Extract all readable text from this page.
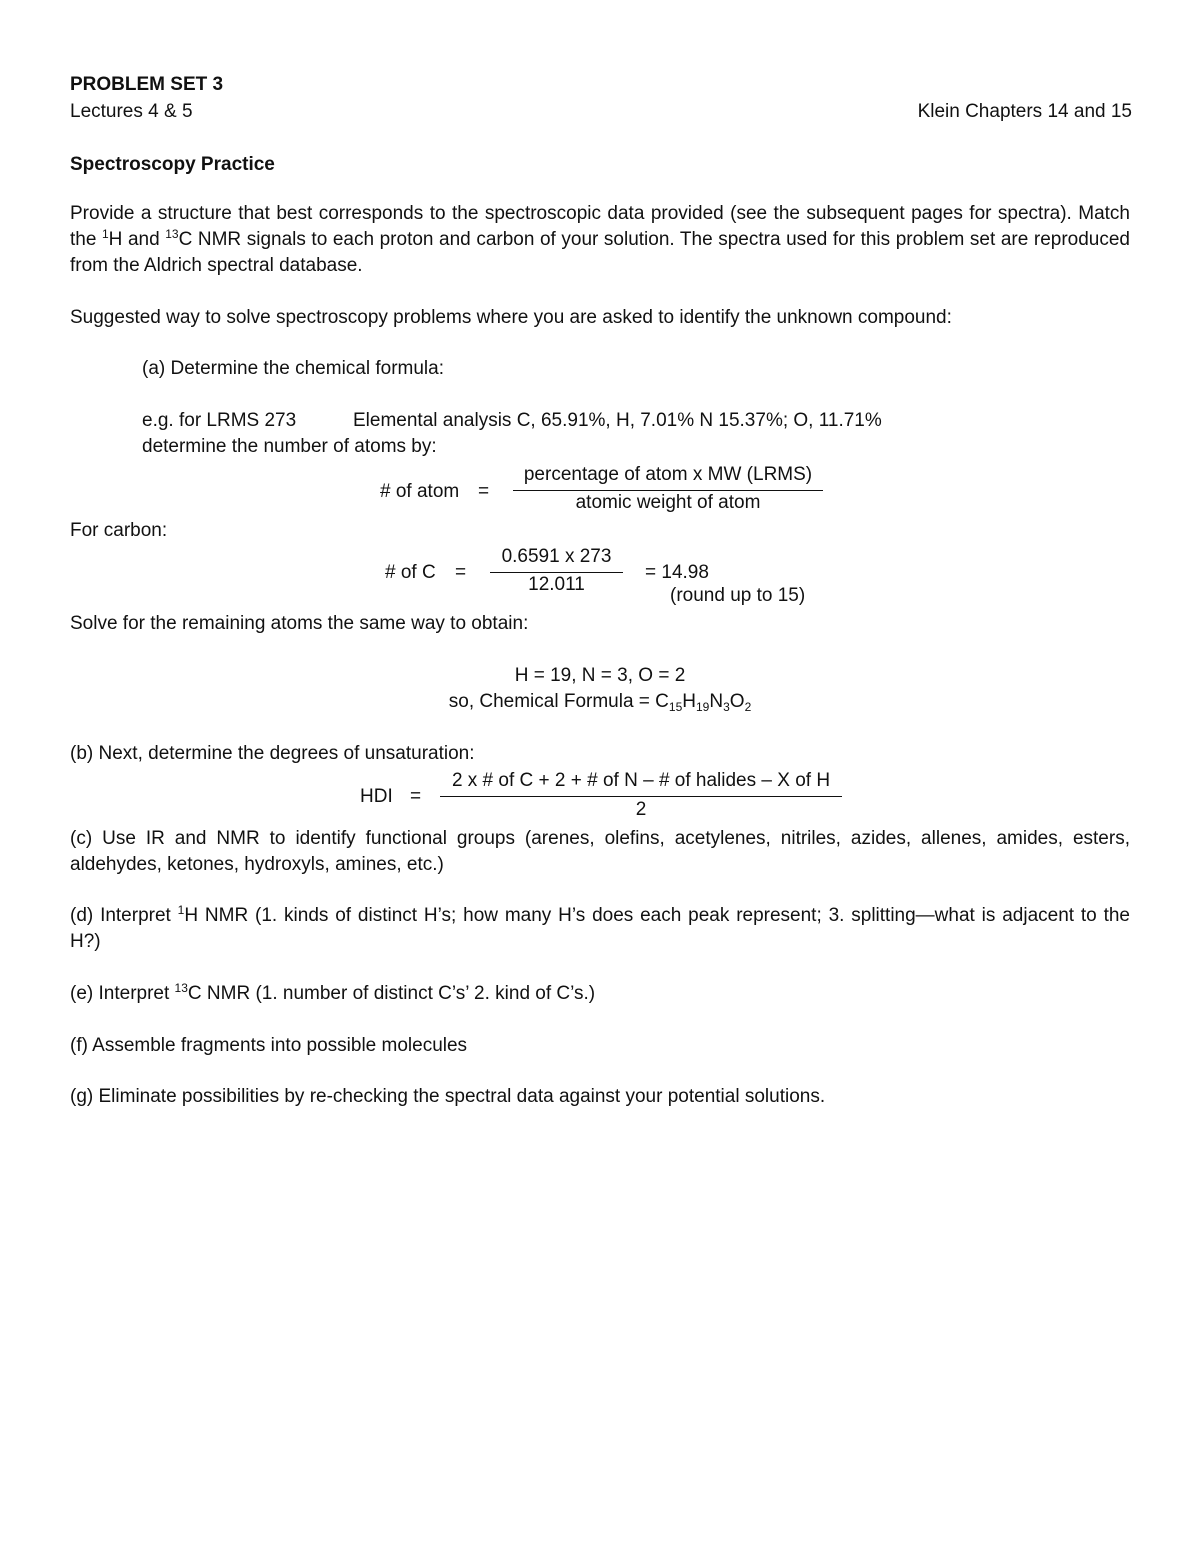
PROBLEM SET 3
Lectures 4 & 5	Klein Chapters 14 and 15
Spectroscopy Practice
Provide a structure that best corresponds to the spectroscopic data provided (see the subsequent pages for spectra). Match the $^1$H and $^{13}$C NMR signals to each proton and carbon of your solution. The spectra used for this problem set are reproduced from the Aldrich spectral database.
Suggested way to solve spectroscopy problems where you are asked to identify the unknown compound:
(a) Determine the chemical formula:
e.g. for LRMS 273	Elemental analysis C, 65.91%, H, 7.01% N 15.37%; O, 11.71%
determine the number of atoms by:
# of atom =
percentage of atom x MW (LRMS)
atomic weight of atom
For carbon:
# of C =
0.6591 x 273
12.011
= 14.98
(round up to 15)
Solve for the remaining atoms the same way to obtain:
H = 19, N = 3, O = 2
so, Chemical Formula = $C_{15}H_{19}N_3O_2$
(b) Next, determine the degrees of unsaturation:
HDI =
2 x # of C + 2 + # of N – # of halides – X of H
2
(c) Use IR and NMR to identify functional groups (arenes, olefins, acetylenes, nitriles, azides, allenes, amides, esters, aldehydes, ketones, hydroxyls, amines, etc.)
(d) Interpret $^1$H NMR (1. kinds of distinct H’s; how many H’s does each peak represent; 3. splitting—what is adjacent to the H?)
(e) Interpret $^{13}$C NMR (1. number of distinct C’s’ 2. kind of C’s.)
(f) Assemble fragments into possible molecules
(g) Eliminate possibilities by re-checking the spectral data against your potential solutions.
